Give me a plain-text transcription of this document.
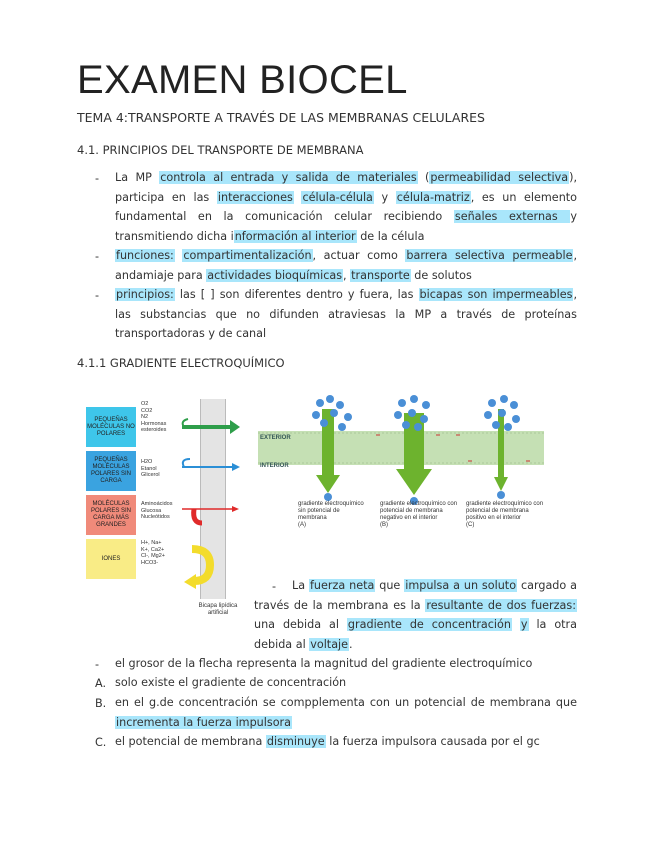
EXAMEN BIOCEL

TEMA 4:TRANSPORTE A TRAVÉS DE LAS MEMBRANAS CELULARES

4.1. PRINCIPIOS DEL TRANSPORTE DE MEMBRANA

- La MP controla al entrada y salida de materiales (permeabilidad selectiva), participa en las interacciones célula-célula y célula-matriz, es un elemento fundamental en la comunicación celular recibiendo señales externas y transmitiendo dicha información al interior de la célula
- funciones: compartimentalización, actuar como barrera selectiva permeable, andamiaje para actividades bioquímicas, transporte de solutos
- principios: las [ ] son diferentes dentro y fuera, las bicapas son impermeables, las substancias que no difunden atraviesas la MP a través de proteínas transportadoras y de canal

4.1.1 GRADIENTE ELECTROQUÍMICO

PEQUEÑAS MOLÉCULAS NO POLARES
PEQUEÑAS MOLÉCULAS POLARES SIN CARGA
MOLÉCULAS POLARES SIN CARGA MÁS GRANDES
IONES
O2
CO2
N2
Hormonas
esteroides
H2O
Etanol
Glicerol
Aminoácidos
Glucosa
Nucleótidos
H+, Na+
K+, Ca2+
Cl-, Mg2+
HCO3-
Bicapa lipídica artificial
EXTERIOR
INTERIOR
gradiente electroquímico sin potencial de membrana
(A)
gradiente electroquímico con potencial de membrana negativo en el interior
(B)
gradiente electroquímico con potencial de membrana positivo en el interior
(C)
-	La fuerza neta que impulsa a un soluto cargado a través de la membrana es la resultante de dos fuerzas: una debida al gradiente de concentración y la otra debida al voltaje.
- el grosor de la flecha representa la magnitud del gradiente electroquímico
A. solo existe el gradiente de concentración
B. en el g.de concentración se compplementa con un potencial de membrana que incrementa la fuerza impulsora
C. el potencial de membrana disminuye la fuerza impulsora causada por el gc
